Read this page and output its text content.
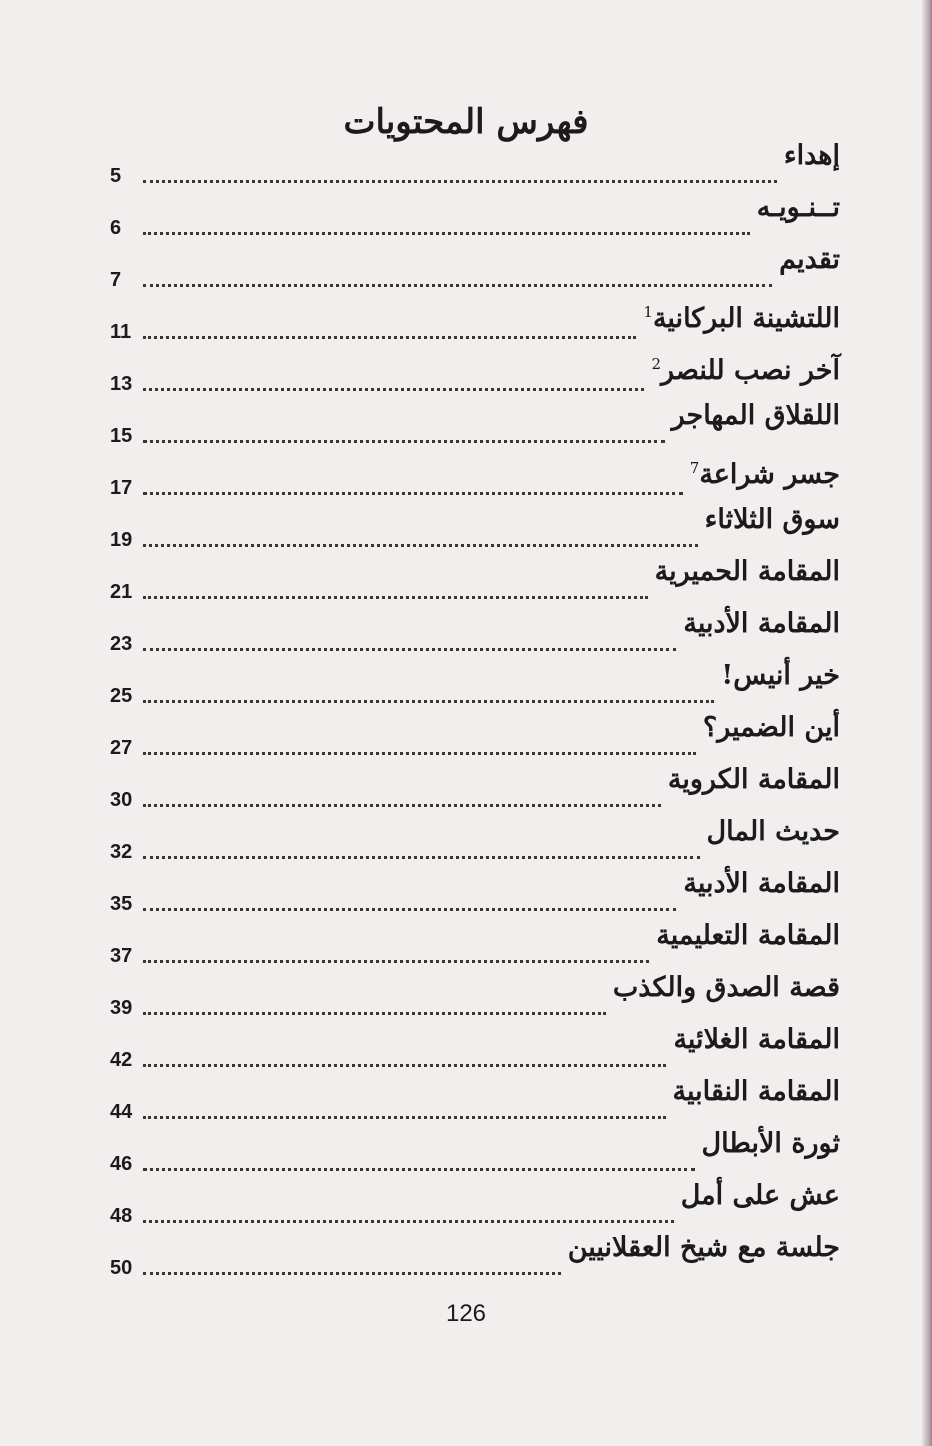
فهرس المحتويات
إهداء
5
تــنـويـه
6
تقديم
7
اللتشينة البركانية$^1$
11
آخر نصب للنصر$^2$
13
اللقلاق المهاجر
15
جسر شراعة$^7$
17
سوق الثلاثاء
19
المقامة الحميرية
21
المقامة الأدبية
23
خير أنيس!
25
أين الضمير؟
27
المقامة الكروية
30
حديث المال
32
المقامة الأدبية
35
المقامة التعليمية
37
قصة الصدق والكذب
39
المقامة الغلائية
42
المقامة النقابية
44
ثورة الأبطال
46
عش على أمل
48
جلسة مع شيخ العقلانيين
50
126
